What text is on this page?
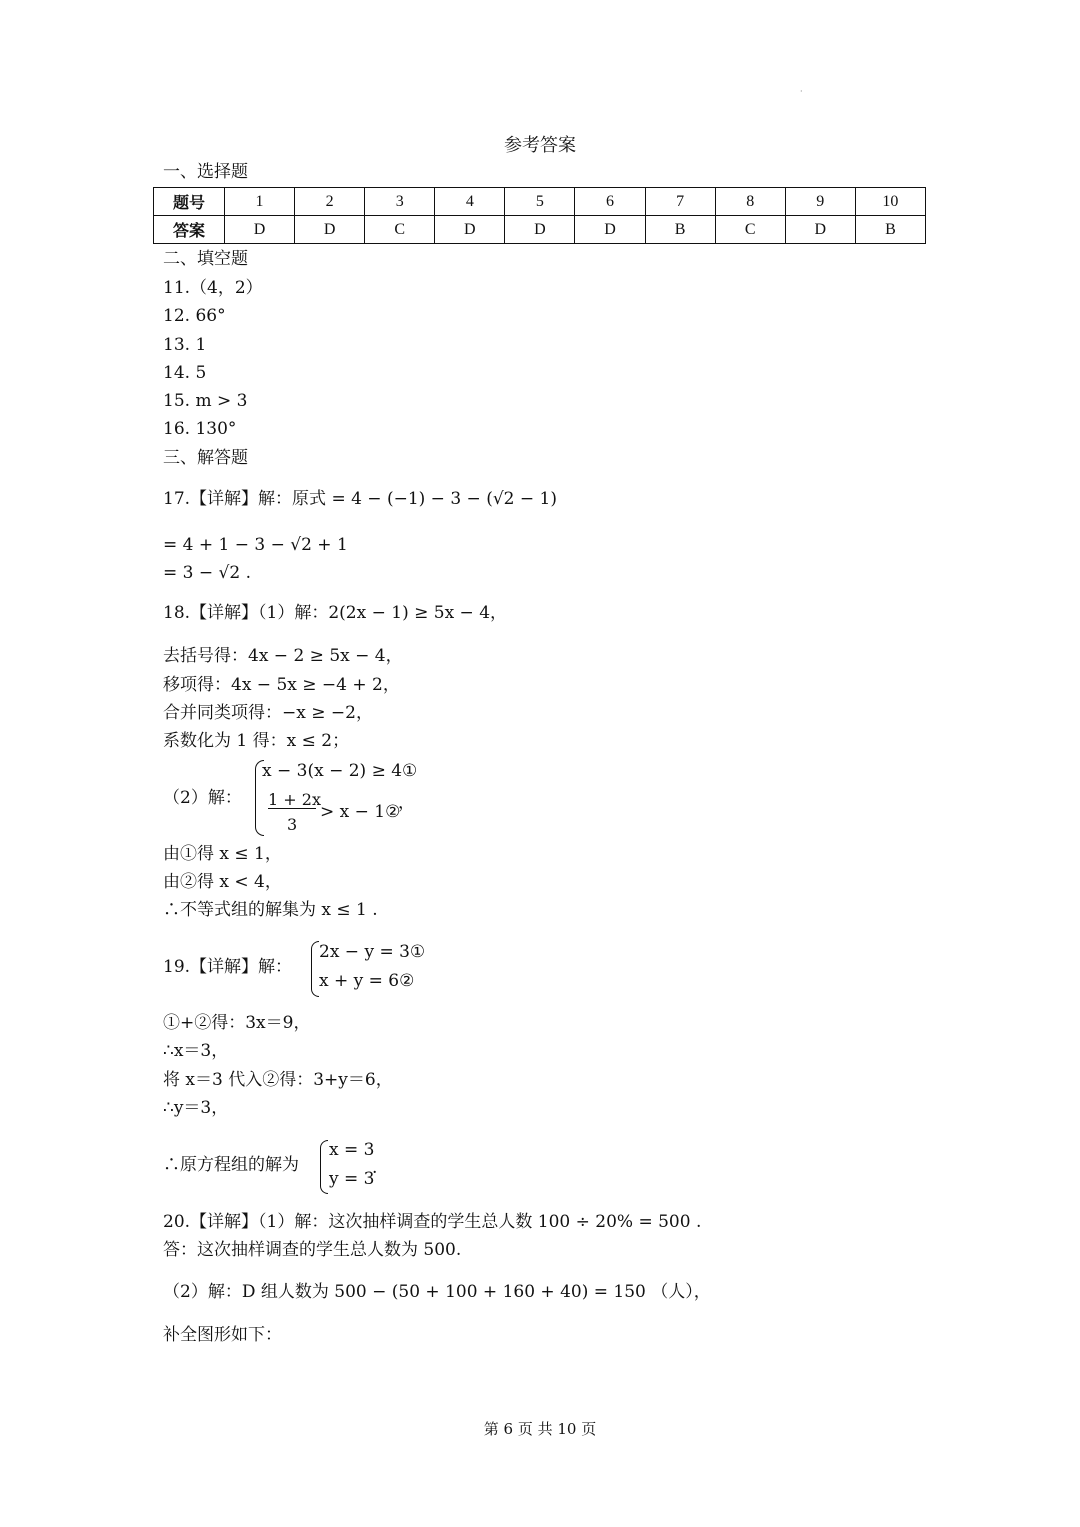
·
参考答案
一、选择题
题号	1	2	3	4	5	6	7	8	9	10
答案	D	D	C	D	D	D	B	C	D	B
二、填空题
11.（4，2）
12. 66°
13. 1
14. 5
15. m > 3
16. 130°
三、解答题
17.【详解】解：原式 = 4 − (−1) − 3 − (√2 − 1)
= 4 + 1 − 3 − √2 + 1
= 3 − √2 .
18.【详解】（1）解：2(2x − 1) ≥ 5x − 4，
去括号得：4x − 2 ≥ 5x − 4，
移项得：4x − 5x ≥ −4 + 2，
合并同类项得：−x ≥ −2，
系数化为 1 得：x ≤ 2；
（2）解：
x − 3(x − 2) ≥ 4①
1 + 2x
3
> x − 1②
，
由①得 x ≤ 1，
由②得 x < 4，
∴不等式组的解集为 x ≤ 1 .
19.【详解】解：
2x − y = 3①
x + y = 6②
①+②得：3x＝9，
∴x＝3，
将 x＝3 代入②得：3+y＝6，
∴y＝3，
∴原方程组的解为
x = 3
y = 3
.
20.【详解】（1）解：这次抽样调查的学生总人数 100 ÷ 20% = 500 .
答：这次抽样调查的学生总人数为 500.
（2）解：D 组人数为 500 − (50 + 100 + 160 + 40) = 150 （人），
补全图形如下：
第 6 页 共 10 页
